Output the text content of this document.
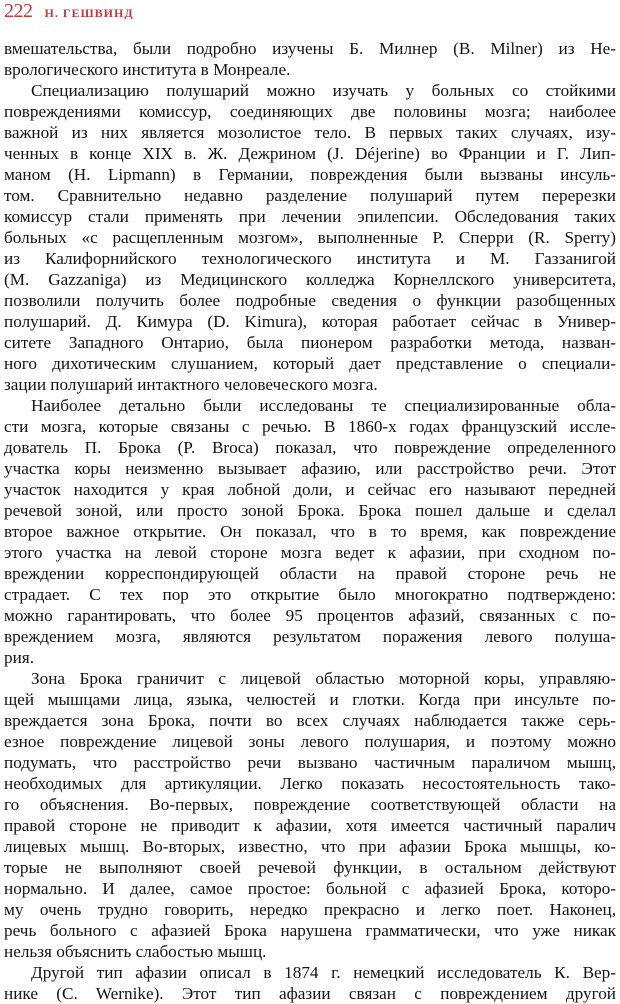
222 Н. ГЕШВИНД
вмешательства, были подробно изучены Б. Милнер (B. Milner) из Не-
врологического института в Монреале.
Специализацию полушарий можно изучать у больных со стойкими
повреждениями комиссур, соединяющих две половины мозга; наиболее
важной из них является мозолистое тело. В первых таких случаях, изу-
ченных в конце XIX в. Ж. Дежрином (J. Déjerine) во Франции и Г. Лип-
маном (H. Lipmann) в Германии, повреждения были вызваны инсуль-
том. Сравнительно недавно разделение полушарий путем перерезки
комиссур стали применять при лечении эпилепсии. Обследования таких
больных «с расщепленным мозгом», выполненные Р. Сперри (R. Sperry)
из Калифорнийского технологического института и М. Газзанигой
(M. Gazzaniga) из Медицинского колледжа Корнеллского университета,
позволили получить более подробные сведения о функции разобщенных
полушарий. Д. Кимура (D. Kimura), которая работает сейчас в Универ-
ситете Западного Онтарио, была пионером разработки метода, назван-
ного дихотическим слушанием, который дает представление о специали-
зации полушарий интактного человеческого мозга.
Наиболее детально были исследованы те специализированные обла-
сти мозга, которые связаны с речью. В 1860-х годах французский иссле-
дователь П. Брока (P. Broca) показал, что повреждение определенного
участка коры неизменно вызывает афазию, или расстройство речи. Этот
участок находится у края лобной доли, и сейчас его называют передней
речевой зоной, или просто зоной Брока. Брока пошел дальше и сделал
второе важное открытие. Он показал, что в то время, как повреждение
этого участка на левой стороне мозга ведет к афазии, при сходном по-
вреждении корреспондирующей области на правой стороне речь не
страдает. С тех пор это открытие было многократно подтверждено:
можно гарантировать, что более 95 процентов афазий, связанных с по-
вреждением мозга, являются результатом поражения левого полуша-
рия.
Зона Брока граничит с лицевой областью моторной коры, управляю-
щей мышцами лица, языка, челюстей и глотки. Когда при инсульте по-
вреждается зона Брока, почти во всех случаях наблюдается также серь-
езное повреждение лицевой зоны левого полушария, и поэтому можно
подумать, что расстройство речи вызвано частичным параличом мышц,
необходимых для артикуляции. Легко показать несостоятельность тако-
го объяснения. Во-первых, повреждение соответствующей области на
правой стороне не приводит к афазии, хотя имеется частичный паралич
лицевых мышц. Во-вторых, известно, что при афазии Брока мышцы, ко-
торые не выполняют своей речевой функции, в остальном действуют
нормально. И далее, самое простое: больной с афазией Брока, которо-
му очень трудно говорить, нередко прекрасно и легко поет. Наконец,
речь больного с афазией Брока нарушена грамматически, что уже никак
нельзя объяснить слабостью мышц.
Другой тип афазии описал в 1874 г. немецкий исследователь К. Вер-
нике (C. Wernike). Этот тип афазии связан с повреждением другой
